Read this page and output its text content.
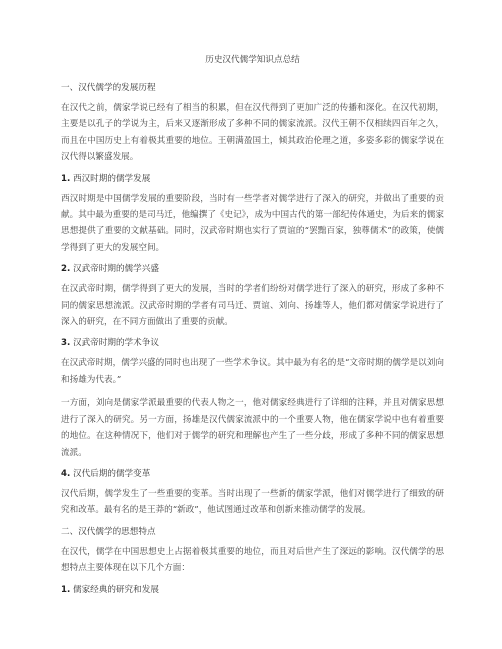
历史汉代儒学知识点总结
一、汉代儒学的发展历程

在汉代之前，儒家学说已经有了相当的积累，但在汉代得到了更加广泛的传播和深化。在汉代初期，主要是以孔子的学说为主，后来又逐渐形成了多种不同的儒家流派。汉代王朝不仅相续四百年之久，而且在中国历史上有着极其重要的地位。王朝满盈国土，倾其政治伦理之道，多姿多彩的儒家学说在汉代得以繁盛发展。

1. 西汉时期的儒学发展

西汉时期是中国儒学发展的重要阶段，当时有一些学者对儒学进行了深入的研究，并做出了重要的贡献。其中最为重要的是司马迁，他编撰了《史记》，成为中国古代的第一部纪传体通史，为后来的儒家思想提供了重要的文献基础。同时，汉武帝时期也实行了贾谊的“罢黜百家，独尊儒术”的政策，使儒学得到了更大的发展空间。

2. 汉武帝时期的儒学兴盛

在汉武帝时期，儒学得到了更大的发展，当时的学者们纷纷对儒学进行了深入的研究，形成了多种不同的儒家思想流派。汉武帝时期的学者有司马迁、贾谊、刘向、扬雄等人，他们都对儒家学说进行了深入的研究，在不同方面做出了重要的贡献。

3. 汉武帝时期的学术争议

在汉武帝时期，儒学兴盛的同时也出现了一些学术争议。其中最为有名的是“文帝时期的儒学是以刘向和扬雄为代表。”

一方面，刘向是儒家学派最重要的代表人物之一，他对儒家经典进行了详细的注释，并且对儒家思想进行了深入的研究。另一方面，扬雄是汉代儒家流派中的一个重要人物，他在儒家学说中也有着重要的地位。在这种情况下，他们对于儒学的研究和理解也产生了一些分歧，形成了多种不同的儒家思想流派。

4. 汉代后期的儒学变革

汉代后期，儒学发生了一些重要的变革。当时出现了一些新的儒家学派，他们对儒学进行了细致的研究和改革。最有名的是王莽的“新政”，他试图通过改革和创新来推动儒学的发展。

二、汉代儒学的思想特点

在汉代，儒学在中国思想史上占据着极其重要的地位，而且对后世产生了深远的影响。汉代儒学的思想特点主要体现在以下几个方面：

1. 儒家经典的研究和发展
